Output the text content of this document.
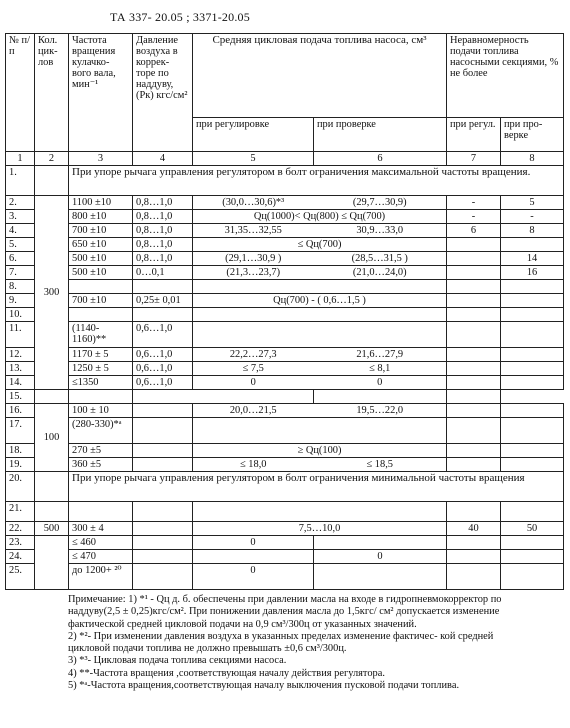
ТА 337- 20.05 ; 3371-20.05
№ п/п	Кол. цик- лов	Частота вращения кулачко- вого вала, мин⁻¹	Давление воздуха в коррек- торе по наддуву, (Рк) кгс/см²	Средняя цикловая подача топлива насоса, см³		Неравномерность подачи топлива насосными секциями, % не более	
				при регулировке	при проверке	при регул.	при про- верке
1	2	3	4	5	6	7	8
1.		При упоре рычага управления регулятором в болт ограничения максимальной частоты вращения.					
2.	300	1100 ±10	0,8…1,0	(30,0…30,6)*³	(29,7…30,9)	-	5
3.		800 ±10	0,8…1,0	Qц(1000)< Qц(800) ≤ Qц(700)		-	-
4.		700 ±10	0,8…1,0	31,35…32,55	30,9…33,0	6	8
5.		650 ±10	0,8…1,0	≤ Qц(700)			
6.		500 ±10	0,8…1,0	(29,1…30,9 )	(28,5…31,5 )		14
7.		500 ±10	0…0,1	(21,3…23,7)	(21,0…24,0)		16
8.							
9.		700 ±10	0,25± 0,01	Qц(700) - ( 0,6…1,5 )			
10.							
11.		(1140-1160)**	0,6…1,0				
12.		1170 ± 5	0,6…1,0	22,2…27,3	21,6…27,9		
13.		1250 ± 5	0,6…1,0	≤ 7,5	≤ 8,1		
14.		≤1350	0,6…1,0	0	0		
15.							
16.	100	100 ± 10		20,0…21,5	19,5…22,0		
17.		(280-330)*ᵃ					
18.		270 ±5		≥ Qц(100)			
19.		360 ±5		≤ 18,0	≤ 18,5		
20.		При упоре рычага управления регулятором в болт ограничения минимальной частоты вращения					
21.							
22.	500	300 ± 4		7,5…10,0		40	50
23.		≤ 460		0			
24.		≤ 470			0		
25.		до 1200+ ²⁰		0			

Примечание: 1) *¹ - Qц д. б. обеспечены при давлении масла на входе в гидропневмокорректор по наддуву(2,5 ± 0,25)кгс/см². При понижении давления масла до 1,5кгс/ см² допускается изменение фактической средней цикловой подачи на 0,9 см³/300ц от указанных значений.

2) *²- При изменении давления воздуха в указанных пределах изменение фактичес- кой средней цикловой подачи топлива не должно превышать ±0,6 см³/300ц.

3) *³- Цикловая подача топлива секциями насоса.

4) **-Частота вращения ,соответствующая началу действия регулятора.

5) *ᵃ-Частота вращения,соответствующая началу выключения пусковой подачи топлива.
